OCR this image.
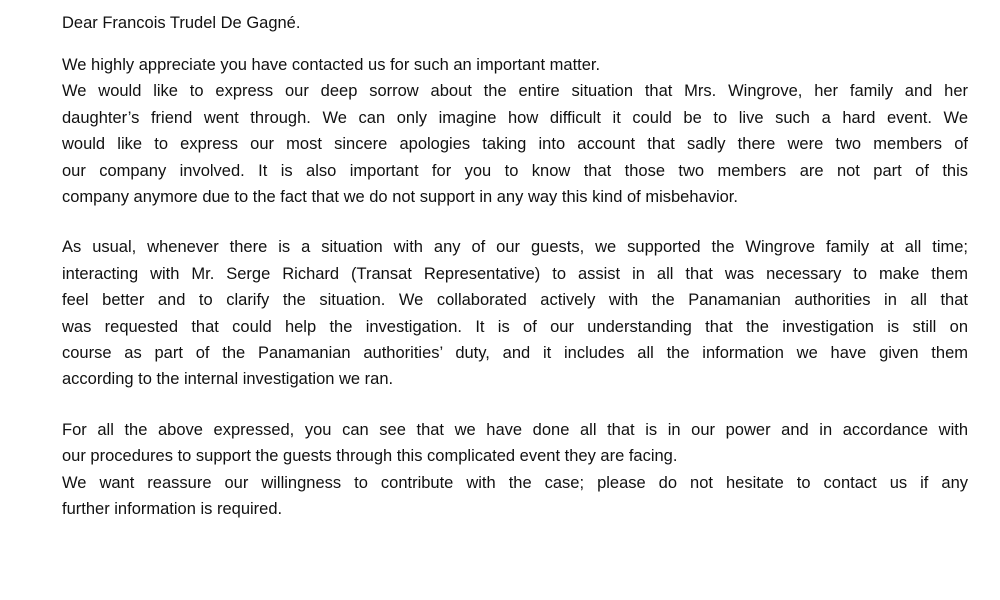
Dear Francois Trudel De Gagné.
We highly appreciate you have contacted us for such an important matter.
We would like to express our deep sorrow about the entire situation that Mrs. Wingrove, her family and her
daughter’s friend went through. We can only imagine how difficult it could be to live such a hard event. We
would like to express our most sincere apologies taking into account that sadly there were two members of
our company involved. It is also important for you to know that those two members are not part of this
company anymore due to the fact that we do not support in any way this kind of misbehavior.
As usual, whenever there is a situation with any of our guests, we supported the Wingrove family at all time;
interacting with Mr. Serge Richard (Transat Representative) to assist in all that was necessary to make them
feel better and to clarify the situation. We collaborated actively with the Panamanian authorities in all that
was requested that could help the investigation. It is of our understanding that the investigation is still on
course as part of the Panamanian authorities’ duty, and it includes all the information we have given them
according to the internal investigation we ran.
For all the above expressed, you can see that we have done all that is in our power and in accordance with
our procedures to support the guests through this complicated event they are facing.
We want reassure our willingness to contribute with the case; please do not hesitate to contact us if any
further information is required.
